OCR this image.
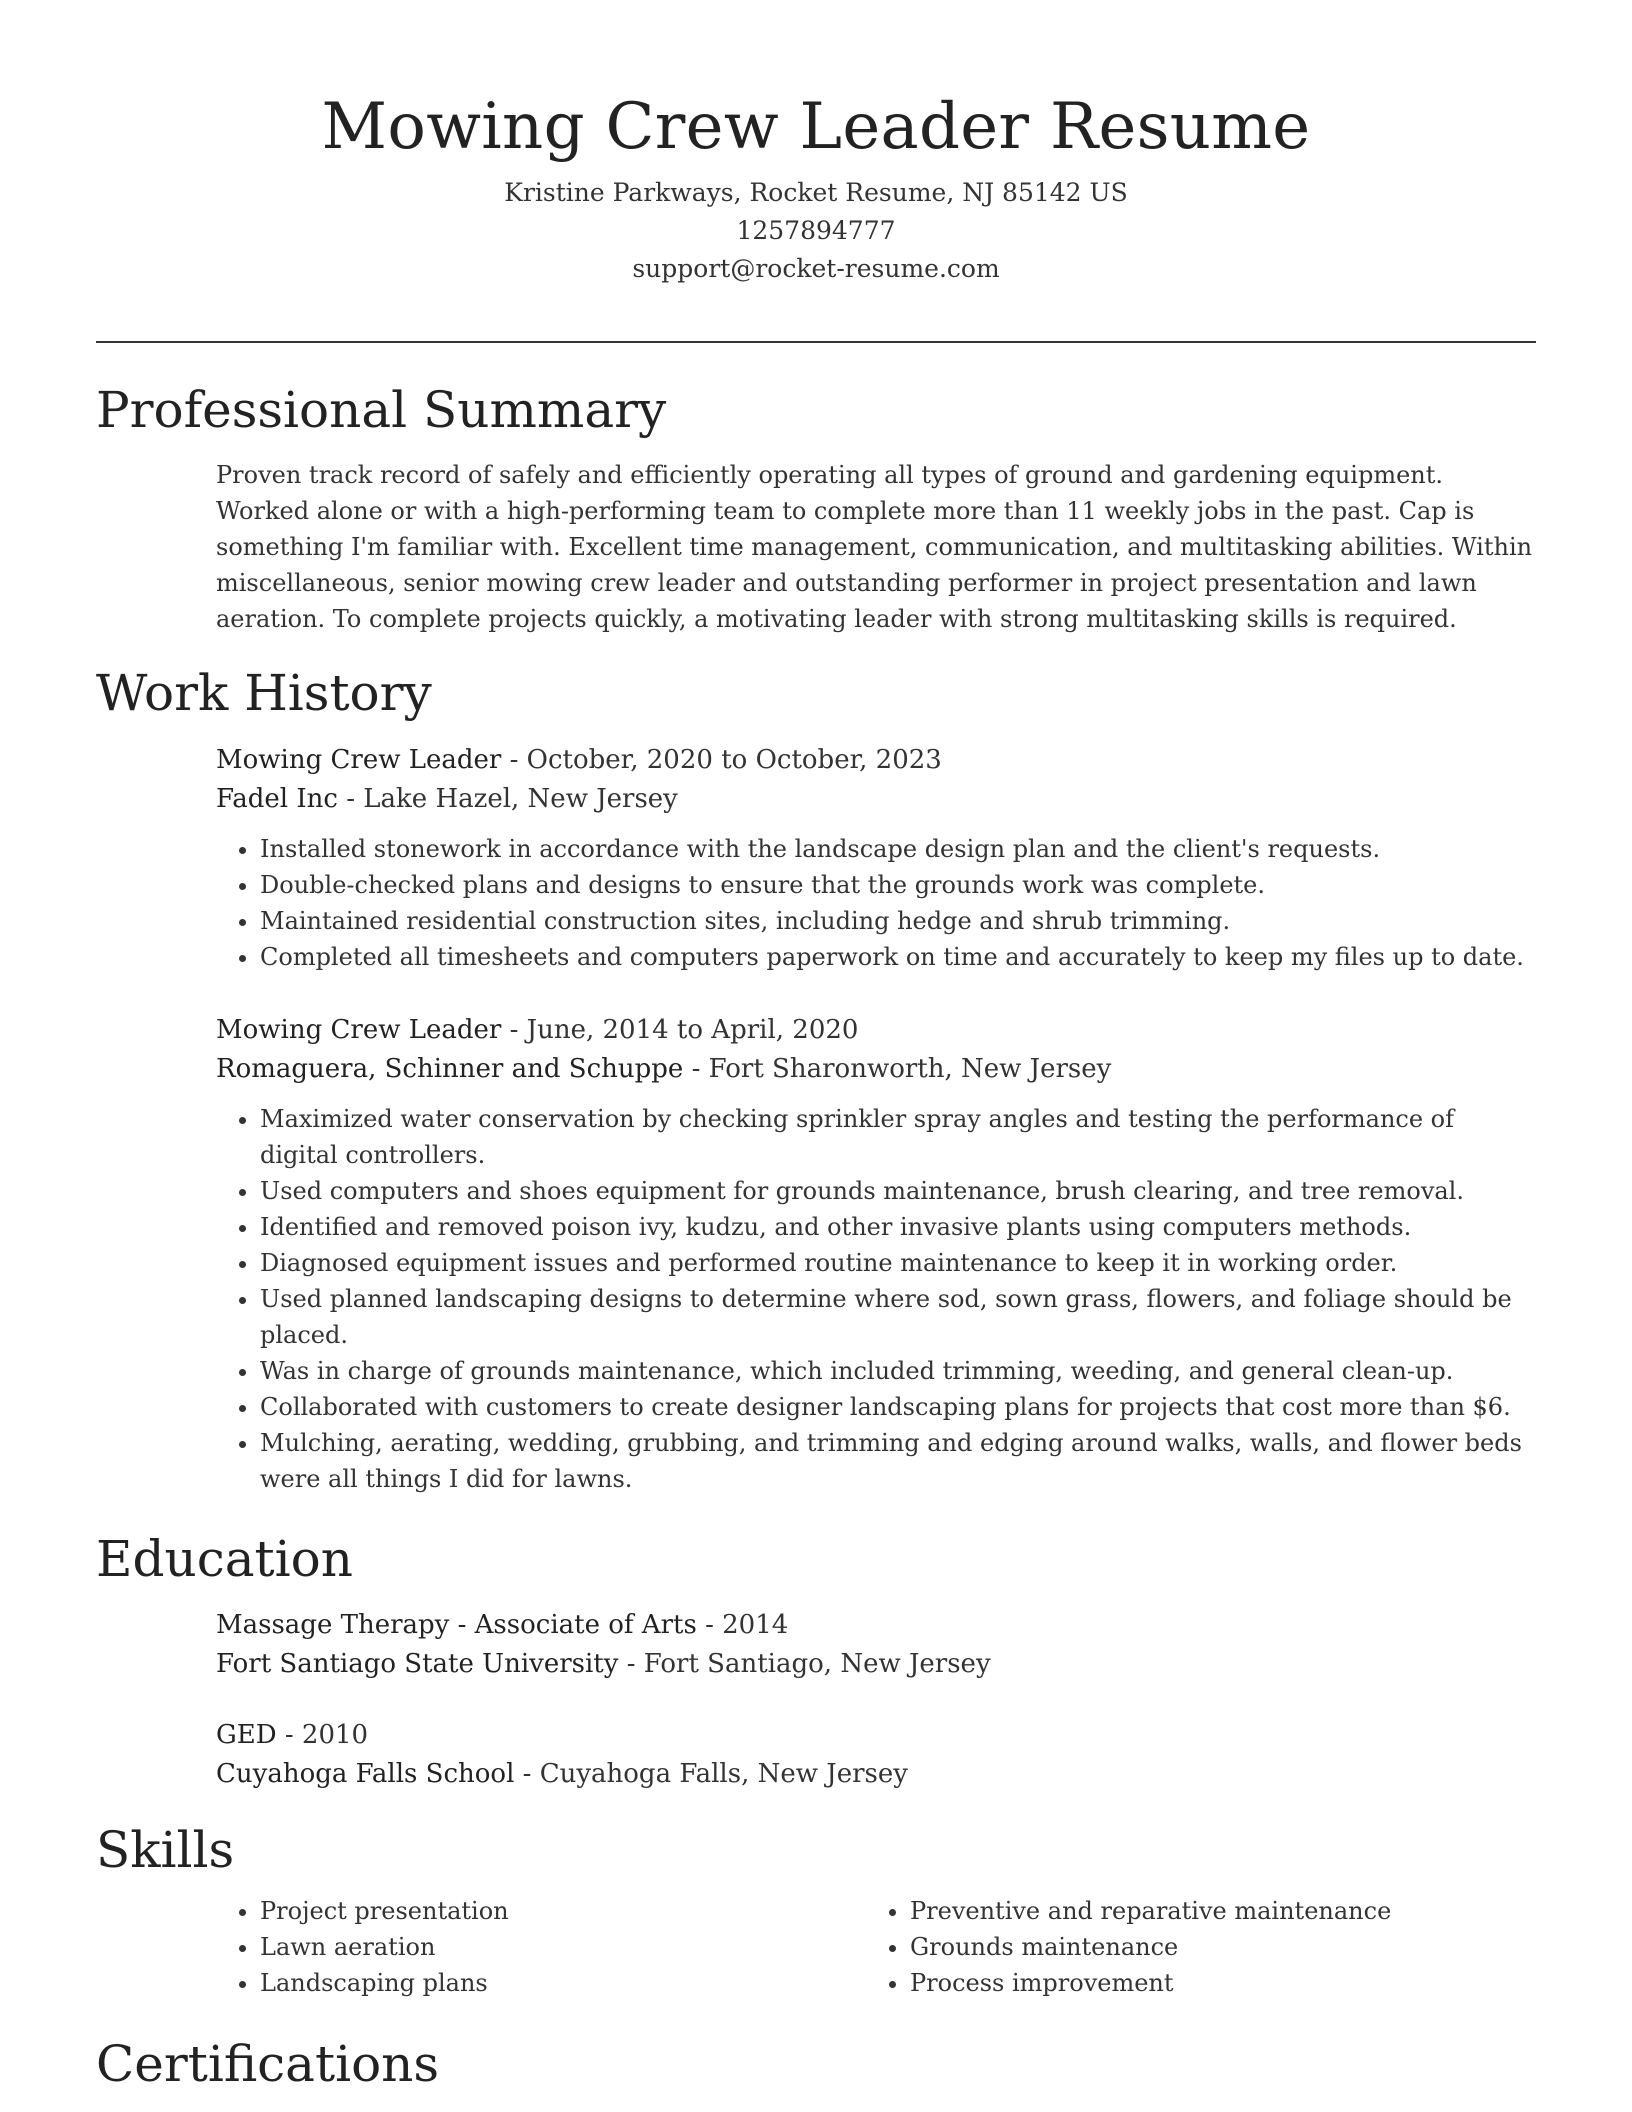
Mowing Crew Leader Resume
Kristine Parkways, Rocket Resume, NJ 85142 US
1257894777
support@rocket-resume.com
Professional Summary

Proven track record of safely and efficiently operating all types of ground and gardening equipment. Worked alone or with a high-performing team to complete more than 11 weekly jobs in the past. Cap is something I'm familiar with. Excellent time management, communication, and multitasking abilities. Within miscellaneous, senior mowing crew leader and outstanding performer in project presentation and lawn aeration. To complete projects quickly, a motivating leader with strong multitasking skills is required.

Work History
Mowing Crew Leader - October, 2020 to October, 2023
Fadel Inc - Lake Hazel, New Jersey
• Installed stonework in accordance with the landscape design plan and the client's requests.
• Double-checked plans and designs to ensure that the grounds work was complete.
• Maintained residential construction sites, including hedge and shrub trimming.
• Completed all timesheets and computers paperwork on time and accurately to keep my files up to date.
Mowing Crew Leader - June, 2014 to April, 2020
Romaguera, Schinner and Schuppe - Fort Sharonworth, New Jersey
• Maximized water conservation by checking sprinkler spray angles and testing the performance of digital controllers.
• Used computers and shoes equipment for grounds maintenance, brush clearing, and tree removal.
• Identified and removed poison ivy, kudzu, and other invasive plants using computers methods.
• Diagnosed equipment issues and performed routine maintenance to keep it in working order.
• Used planned landscaping designs to determine where sod, sown grass, flowers, and foliage should be placed.
• Was in charge of grounds maintenance, which included trimming, weeding, and general clean-up.
• Collaborated with customers to create designer landscaping plans for projects that cost more than $6.
• Mulching, aerating, wedding, grubbing, and trimming and edging around walks, walls, and flower beds were all things I did for lawns.
Education
Massage Therapy - Associate of Arts - 2014
Fort Santiago State University - Fort Santiago, New Jersey
GED - 2010
Cuyahoga Falls School - Cuyahoga Falls, New Jersey
Skills
• Project presentation
• Lawn aeration
• Landscaping plans
• Preventive and reparative maintenance
• Grounds maintenance
• Process improvement
Certifications
